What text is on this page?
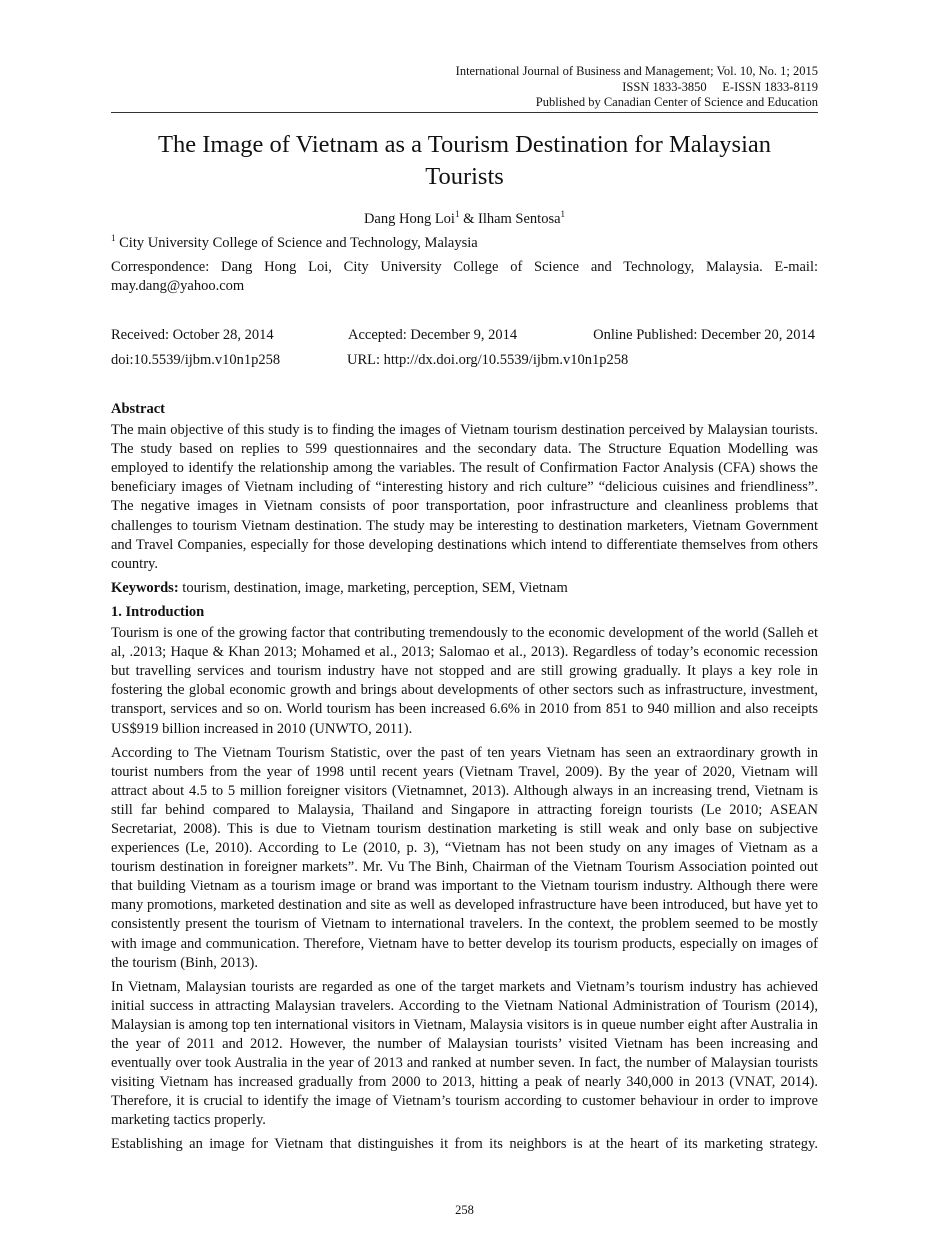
International Journal of Business and Management; Vol. 10, No. 1; 2015
ISSN 1833-3850     E-ISSN 1833-8119
Published by Canadian Center of Science and Education
The Image of Vietnam as a Tourism Destination for Malaysian
Tourists
Dang Hong Loi$^1$ & Ilham Sentosa$^1$
$^1$ City University College of Science and Technology, Malaysia
Correspondence: Dang Hong Loi, City University College of Science and Technology, Malaysia. E-mail: may.dang@yahoo.com
Received: October 28, 2014	Accepted: December 9, 2014	Online Published: December 20, 2014
doi:10.5539/ijbm.v10n1p258	URL: http://dx.doi.org/10.5539/ijbm.v10n1p258
Abstract

The main objective of this study is to finding the images of Vietnam tourism destination perceived by Malaysian tourists. The study based on replies to 599 questionnaires and the secondary data. The Structure Equation Modelling was employed to identify the relationship among the variables. The result of Confirmation Factor Analysis (CFA) shows the beneficiary images of Vietnam including of “interesting history and rich culture” “delicious cuisines and friendliness”. The negative images in Vietnam consists of poor transportation, poor infrastructure and cleanliness problems that challenges to tourism Vietnam destination. The study may be interesting to destination marketers, Vietnam Government and Travel Companies, especially for those developing destinations which intend to differentiate themselves from others country.

Keywords: tourism, destination, image, marketing, perception, SEM, Vietnam

1. Introduction

Tourism is one of the growing factor that contributing tremendously to the economic development of the world (Salleh et al, .2013; Haque & Khan 2013; Mohamed et al., 2013; Salomao et al., 2013). Regardless of today’s economic recession but travelling services and tourism industry have not stopped and are still growing gradually. It plays a key role in fostering the global economic growth and brings about developments of other sectors such as infrastructure, investment, transport, services and so on. World tourism has been increased 6.6% in 2010 from 851 to 940 million and also receipts US$919 billion increased in 2010 (UNWTO, 2011).

According to The Vietnam Tourism Statistic, over the past of ten years Vietnam has seen an extraordinary growth in tourist numbers from the year of 1998 until recent years (Vietnam Travel, 2009). By the year of 2020, Vietnam will attract about 4.5 to 5 million foreigner visitors (Vietnamnet, 2013). Although always in an increasing trend, Vietnam is still far behind compared to Malaysia, Thailand and Singapore in attracting foreign tourists (Le 2010; ASEAN Secretariat, 2008). This is due to Vietnam tourism destination marketing is still weak and only base on subjective experiences (Le, 2010). According to Le (2010, p. 3), “Vietnam has not been study on any images of Vietnam as a tourism destination in foreigner markets”. Mr. Vu The Binh, Chairman of the Vietnam Tourism Association pointed out that building Vietnam as a tourism image or brand was important to the Vietnam tourism industry. Although there were many promotions, marketed destination and site as well as developed infrastructure have been introduced, but have yet to consistently present the tourism of Vietnam to international travelers. In the context, the problem seemed to be mostly with image and communication. Therefore, Vietnam have to better develop its tourism products, especially on images of the tourism (Binh, 2013).

In Vietnam, Malaysian tourists are regarded as one of the target markets and Vietnam’s tourism industry has achieved initial success in attracting Malaysian travelers. According to the Vietnam National Administration of Tourism (2014), Malaysian is among top ten international visitors in Vietnam, Malaysia visitors is in queue number eight after Australia in the year of 2011 and 2012. However, the number of Malaysian tourists’ visited Vietnam has been increasing and eventually over took Australia in the year of 2013 and ranked at number seven. In fact, the number of Malaysian tourists visiting Vietnam has increased gradually from 2000 to 2013, hitting a peak of nearly 340,000 in 2013 (VNAT, 2014). Therefore, it is crucial to identify the image of Vietnam’s tourism according to customer behaviour in order to improve marketing tactics properly.

Establishing an image for Vietnam that distinguishes it from its neighbors is at the heart of its marketing strategy.

258
